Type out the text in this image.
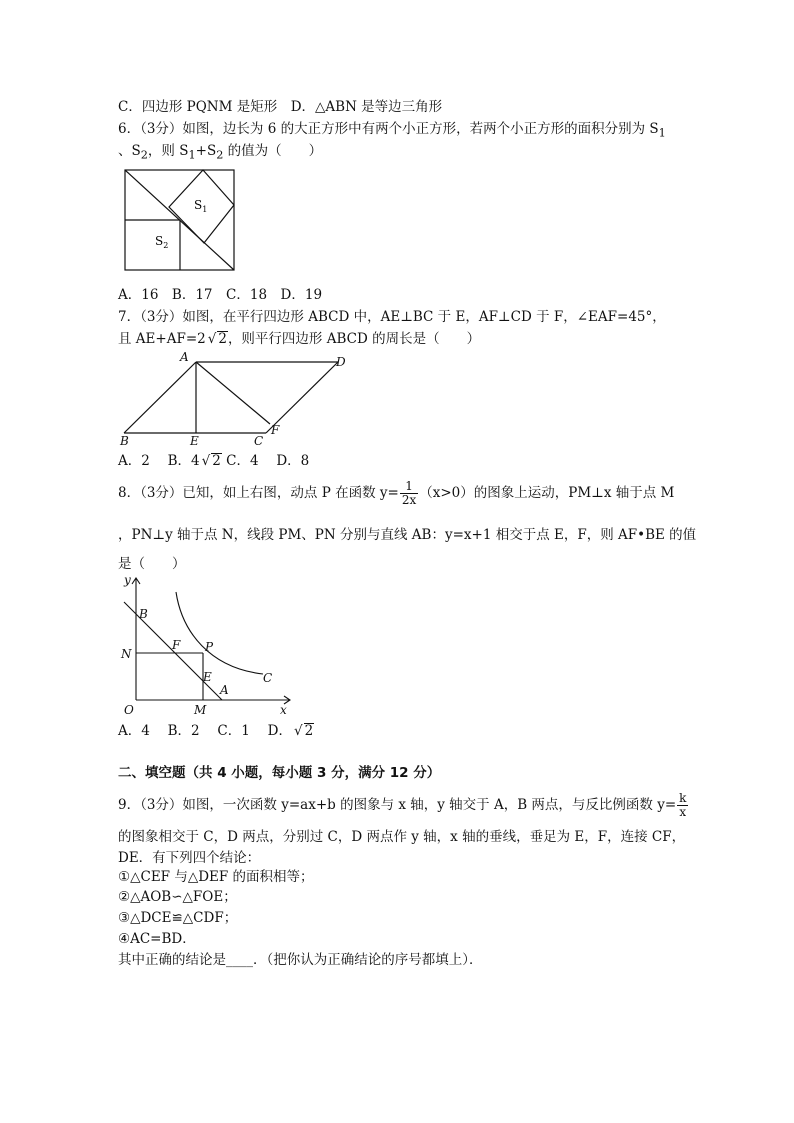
C．四边形 PQNM 是矩形　D．△ABN 是等边三角形
6．（3分）如图，边长为 6 的大正方形中有两个小正方形，若两个小正方形的面积分别为 $S_1$
、$S_2$，则 $S_1+S_2$ 的值为（　　）
$S_1$
$S_2$
A．16　B．17　C．18　D．19
7．（3分）如图，在平行四边形 ABCD 中，AE⊥BC 于 E，AF⊥CD 于 F，∠EAF=45°，
且 AE+AF=2 √ 2，则平行四边形 ABCD 的周长是（　　）
A	D
B	E	C
F
A．2　 B．4 √ 2 C．4　 D．8
8．（3分）已知，如上右图，动点 P 在函数 $y= \frac{1}{2x} (x>0)$的图象上运动，PM⊥x 轴于点 M
，PN⊥y 轴于点 N，线段 PM、PN 分别与直线 AB：y=x+1 相交于点 E，F，则 AF•BE 的值
是（　　）
y
x
B
N
F P
E
A
C
O	M
A．4　 B．2　 C．1　 D． √ 2
二、填空题（共 4 小题，每小题 3 分，满分 12 分）
9．（3分）如图，一次函数 y=ax+b 的图象与 x 轴，y 轴交于 A，B 两点，与反比例函数 $y= \frac{k}{x}$
的图象相交于 C，D 两点，分别过 C，D 两点作 y 轴，x 轴的垂线，垂足为 E，F，连接 CF，
DE．有下列四个结论：
①△CEF 与△DEF 的面积相等；
②△AOB∽△FOE；
③△DCE≌△CDF；
④AC=BD．
其中正确的结论是____．（把你认为正确结论的序号都填上）．
